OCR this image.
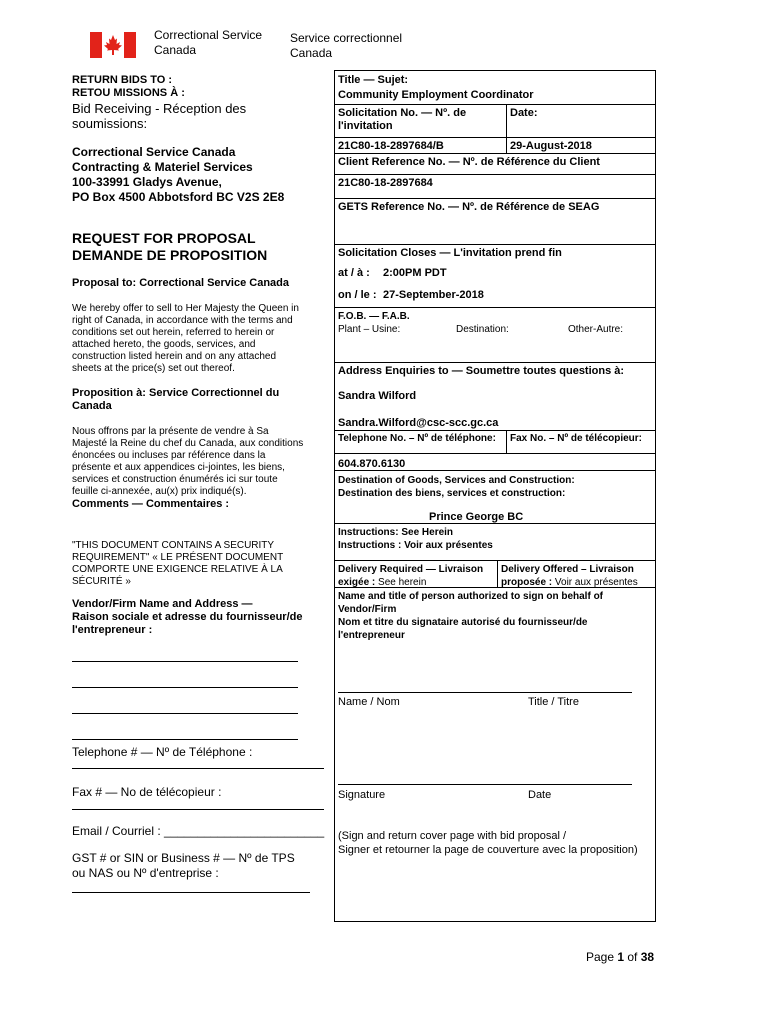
Correctional Service
Canada
Service correctionnel
Canada
RETURN BIDS TO :
RETOU MISSIONS À :
Bid Receiving - Réception des
soumissions:
Correctional Service Canada
Contracting & Materiel Services
100-33991 Gladys Avenue,
PO Box 4500 Abbotsford BC V2S 2E8
REQUEST FOR PROPOSAL
DEMANDE DE PROPOSITION
Proposal to: Correctional Service Canada
We hereby offer to sell to Her Majesty the Queen in
right of Canada, in accordance with the terms and
conditions set out herein, referred to herein or
attached hereto, the goods, services, and
construction listed herein and on any attached
sheets at the price(s) set out thereof.
Proposition à: Service Correctionnel du
Canada
Nous offrons par la présente de vendre à Sa
Majesté la Reine du chef du Canada, aux conditions
énoncées ou incluses par référence dans la
présente et aux appendices ci-jointes, les biens,
services et construction énumérés ici sur toute
feuille ci-annexée, au(x) prix indiqué(s).
Comments — Commentaires :
"THIS DOCUMENT CONTAINS A SECURITY
REQUIREMENT" « LE PRÉSENT DOCUMENT
COMPORTE UNE EXIGENCE RELATIVE À LA
SÉCURITÉ »
Vendor/Firm Name and Address —
Raison sociale et adresse du fournisseur/de
l'entrepreneur :
Telephone # — Nº de Téléphone :
Fax # — No de télécopieur :
Email / Courriel : ________________________
GST # or SIN or Business # — Nº de TPS
ou NAS ou Nº d'entreprise :
Title — Sujet:
Community Employment Coordinator
Solicitation No. — Nº. de
l'invitation
Date:
21C80-18-2897684/B	29-August-2018
Client Reference No. — Nº. de Référence du Client
21C80-18-2897684
GETS Reference No. — Nº. de Référence de SEAG
Solicitation Closes — L'invitation prend fin
at / à : 2:00PM PDT
on / le : 27-September-2018
F.O.B. — F.A.B.
Plant – Usine:	Destination:	Other-Autre:
Address Enquiries to — Soumettre toutes questions à:
Sandra Wilford
Sandra.Wilford@csc-scc.gc.ca
Telephone No. – Nº de téléphone: Fax No. – Nº de télécopieur:
604.870.6130
Destination of Goods, Services and Construction:
Destination des biens, services et construction:
Prince George BC
Instructions: See Herein
Instructions : Voir aux présentes
Delivery Required — Livraison
exigée : See herein
Delivery Offered – Livraison
proposée : Voir aux présentes
Name and title of person authorized to sign on behalf of
Vendor/Firm
Nom et titre du signataire autorisé du fournisseur/de
l'entrepreneur
Name / Nom	Title / Titre
Signature	Date
(Sign and return cover page with bid proposal /
Signer et retourner la page de couverture avec la proposition)
Page 1 of 38
